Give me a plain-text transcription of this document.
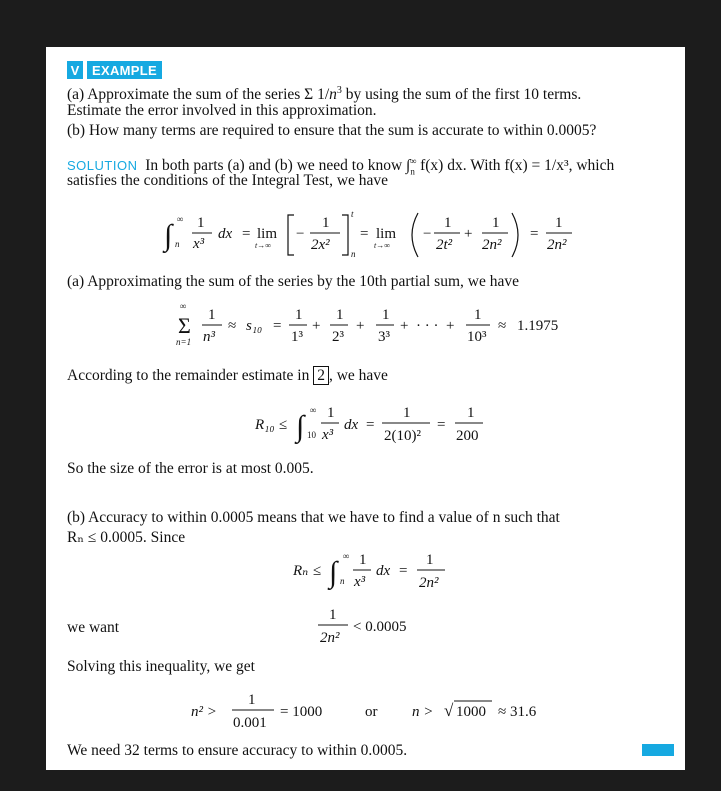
V EXAMPLE
(a) Approximate the sum of the series Σ $1/n^3$ by using the sum of the first 10 terms.
Estimate the error involved in this approximation.
(b) How many terms are required to ensure that the sum is accurate to within 0.0005?
SOLUTION In both parts (a) and (b) we need to know $\int_n^\infty$ f(x) dx. With f(x) = 1/x³, which
satisfies the conditions of the Integral Test, we have
∫ ∞
n
1
x³
dx = lim
t→∞
−
1
2x²
t
n
= lim
t→∞
−
1
2t²
+
1
2n²
=
1
2n²
∞
Σ
n=1
1
n³
≈ s₁₀ =
1
1³
+
1
2³
+
1
3³
+ · · · +
1
10³
≈ 1.1975
R₁₀ ≤ ∫ ∞
10
1
x³
dx =
1
2(10)²
=
1
200
Rₙ ≤ ∫ ∞
n
1
x³
dx =
1
2n²
1
2n²
< 0.0005
n² >
1
0.001
= 1000	or n > √ 1000 ≈ 31.6
(a) Approximating the sum of the series by the 10th partial sum, we have
According to the remainder estimate in 2 , we have
So the size of the error is at most 0.005.
(b) Accuracy to within 0.0005 means that we have to find a value of n such that
Rₙ ≤ 0.0005. Since
we want
Solving this inequality, we get
We need 32 terms to ensure accuracy to within 0.0005.
